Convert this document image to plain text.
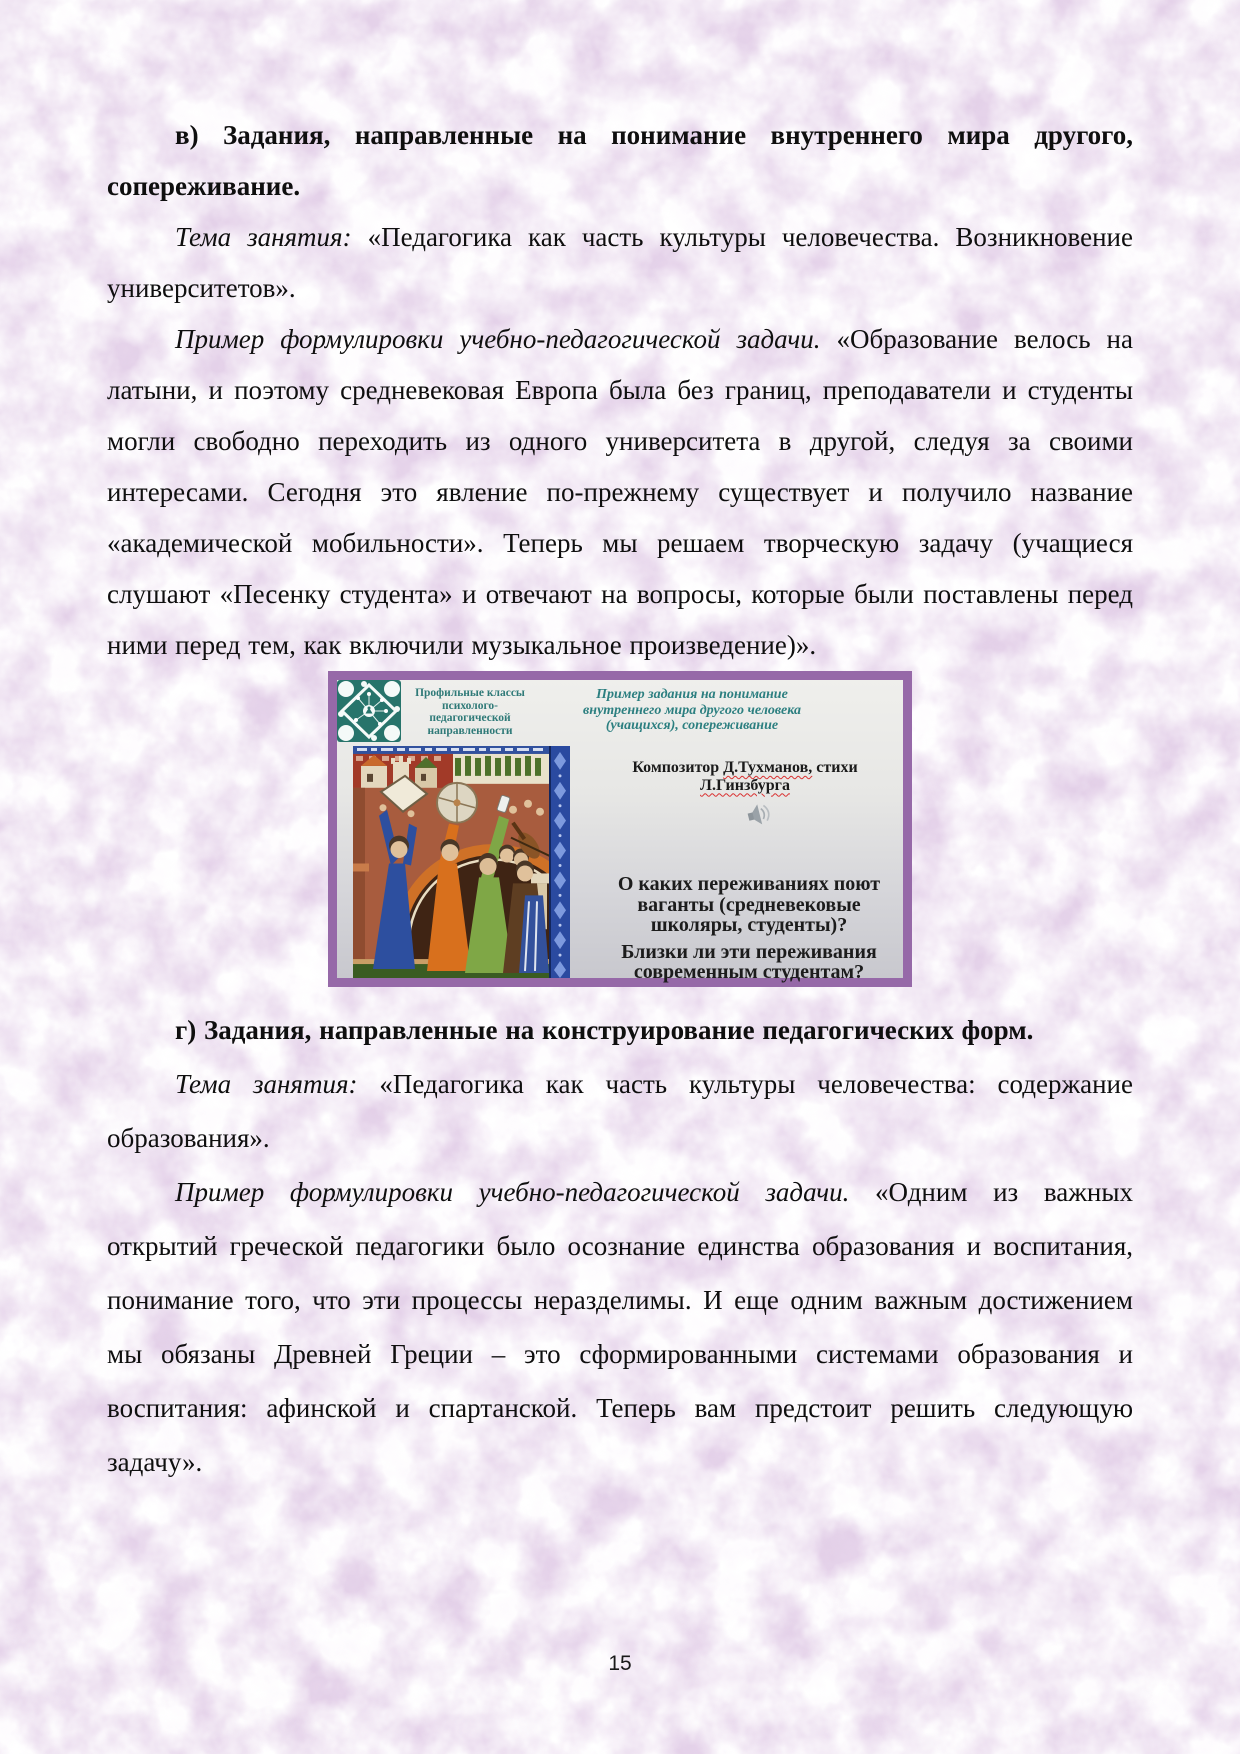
в) Задания, направленные на понимание внутреннего мира другого, сопереживание.

Тема занятия: «Педагогика как часть культуры человечества. Возникновение университетов».

Пример формулировки учебно-педагогической задачи. «Образование велось на латыни, и поэтому средневековая Европа была без границ, преподаватели и студенты могли свободно переходить из одного университета в другой, следуя за своими интересами. Сегодня это явление по-прежнему существует и получило название «академической мобильности». Теперь мы решаем творческую задачу (учащиеся слушают «Песенку студента» и отвечают на вопросы, которые были поставлены перед ними перед тем, как включили музыкальное произведение)».

Профильные классы психолого-педагогической направленности
Пример задания на понимание внутреннего мира другого человека (учащихся), сопереживание
Композитор Д.Тухманов, стихи
Л.Гинзбурга

О каких переживаниях поют ваганты (средневековые школяры, студенты)?

Близки ли эти переживания современным студентам?

г) Задания, направленные на конструирование педагогических форм.

Тема занятия: «Педагогика как часть культуры человечества: содержание образования».

Пример формулировки учебно-педагогической задачи. «Одним из важных открытий греческой педагогики было осознание единства образования и воспитания, понимание того, что эти процессы неразделимы. И еще одним важным достижением мы обязаны Древней Греции – это сформированными системами образования и воспитания: афинской и спартанской. Теперь вам предстоит решить следующую задачу».

15
